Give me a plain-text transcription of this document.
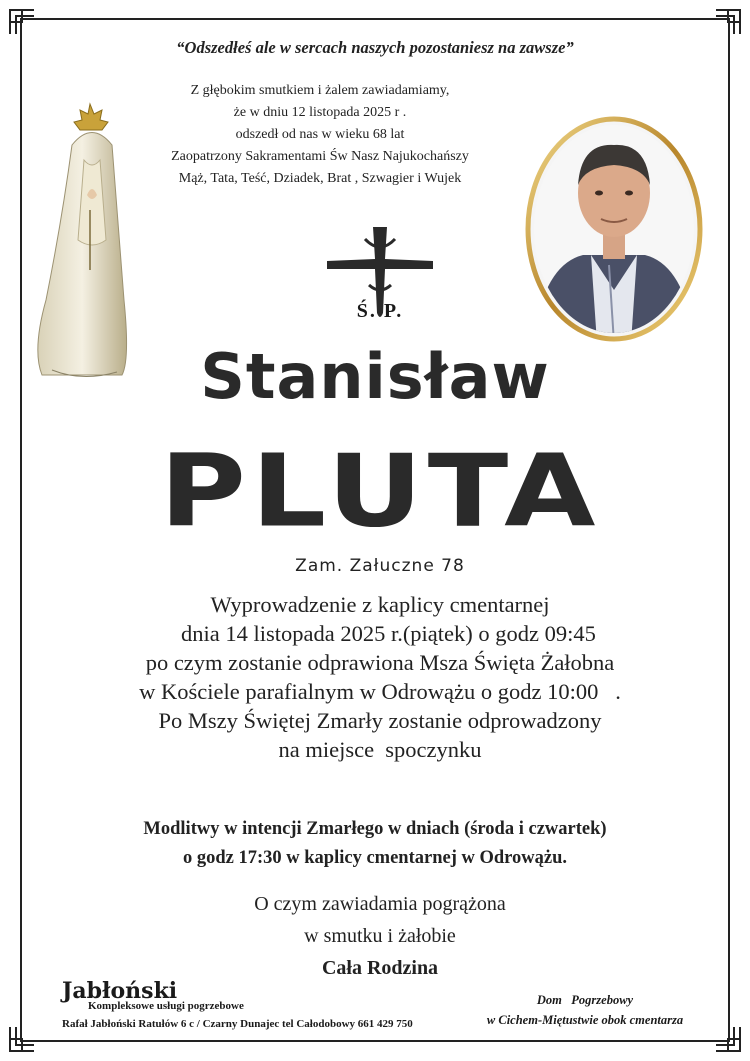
“Odszedłeś ale w sercach naszych pozostaniesz na zawsze”
Z głębokim smutkiem i żalem zawiadamiamy,
że w dniu 12 listopada 2025 r .
odszedł od nas w wieku 68 lat
Zaopatrzony Sakramentami Św Nasz Najukochańszy
Mąż, Tata, Teść, Dziadek, Brat , Szwagier i Wujek
Ś. P.
Stanisław
PLUTA
Zam. Załuczne 78
Wyprowadzenie z kaplicy cmentarnej
dnia 14 listopada 2025 r.(piątek) o godz 09:45
po czym zostanie odprawiona Msza Święta Żałobna
w Kościele parafialnym w Odrowążu o godz 10:00   .
Po Mszy Świętej Zmarły zostanie odprowadzony
na miejsce  spoczynku
Modlitwy w intencji Zmarłego w dniach (środa i czwartek)
o godz 17:30 w kaplicy cmentarnej w Odrowążu.
O czym zawiadamia pogrążona
w smutku i żałobie
Cała Rodzina
Jabłoński
Kompleksowe usługi pogrzebowe
Rafał Jabłoński Ratułów 6 c / Czarny Dunajec tel Całodobowy 661 429 750
Dom   Pogrzebowy
w Cichem-Miętustwie obok cmentarza
